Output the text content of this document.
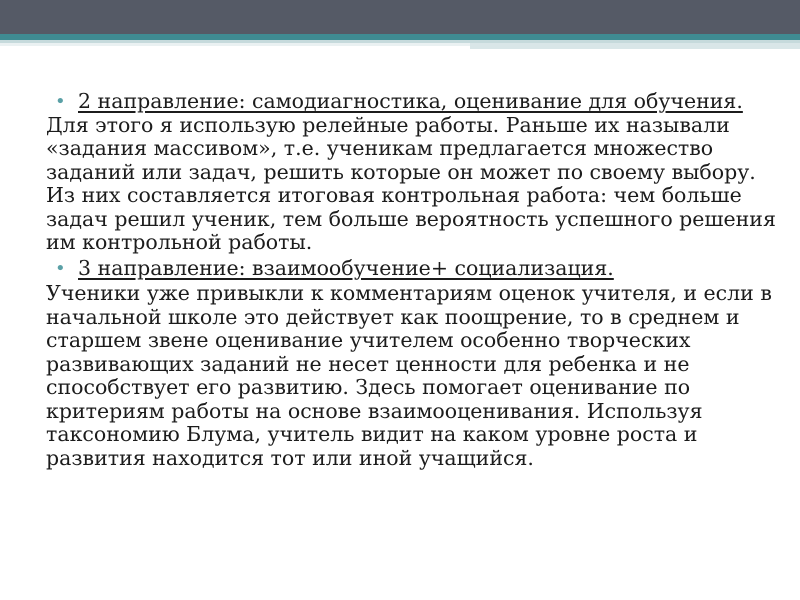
• 2 направление: самодиагностика, оценивание для обучения.

Для этого я использую релейные работы. Раньше их называли «задания массивом», т.е. ученикам предлагается множество заданий или задач, решить которые он может по своему выбору. Из них составляется итоговая контрольная работа: чем больше задач решил ученик, тем больше вероятность успешного решения им контрольной работы.

• 3 направление: взаимообучение+ социализация.

Ученики уже привыкли к комментариям оценок учителя, и если в начальной школе это действует как поощрение, то в среднем и старшем звене оценивание учителем особенно творческих развивающих заданий не несет ценности для ребенка и не способствует его развитию. Здесь помогает оценивание по критериям работы на основе взаимооценивания. Используя таксономию Блума, учитель видит на каком уровне роста и развития находится тот или иной учащийся.
